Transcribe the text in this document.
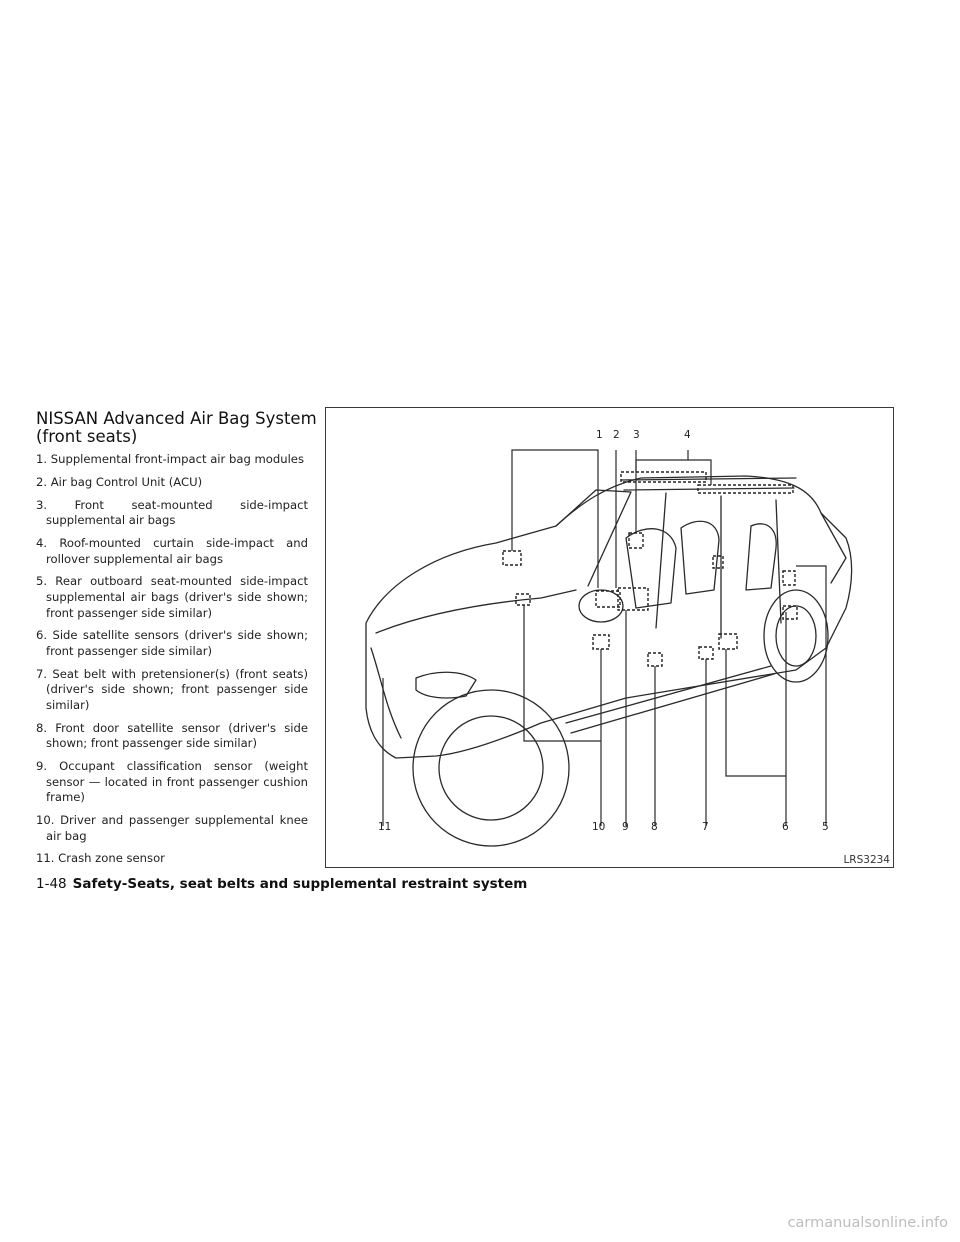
NISSAN Advanced Air Bag System
(front seats)
1. Supplemental front-impact air bag modules
2. Air bag Control Unit (ACU)
3. Front seat-mounted side-impact supplemental air bags
4. Roof-mounted curtain side-impact and rollover supplemental air bags
5. Rear outboard seat-mounted side-impact supplemental air bags (driver's side shown; front passenger side similar)
6. Side satellite sensors (driver's side shown; front passenger side similar)
7. Seat belt with pretensioner(s) (front seats) (driver's side shown; front passenger side similar)
8. Front door satellite sensor (driver's side shown; front passenger side similar)
9. Occupant classification sensor (weight sensor — located in front passenger cushion frame)
10. Driver and passenger supplemental knee air bag
11. Crash zone sensor
1 2 3	4
11	10 9 8	7	6	5
LRS3234
1-48 Safety-Seats, seat belts and supplemental restraint system
carmanualsonline.info
